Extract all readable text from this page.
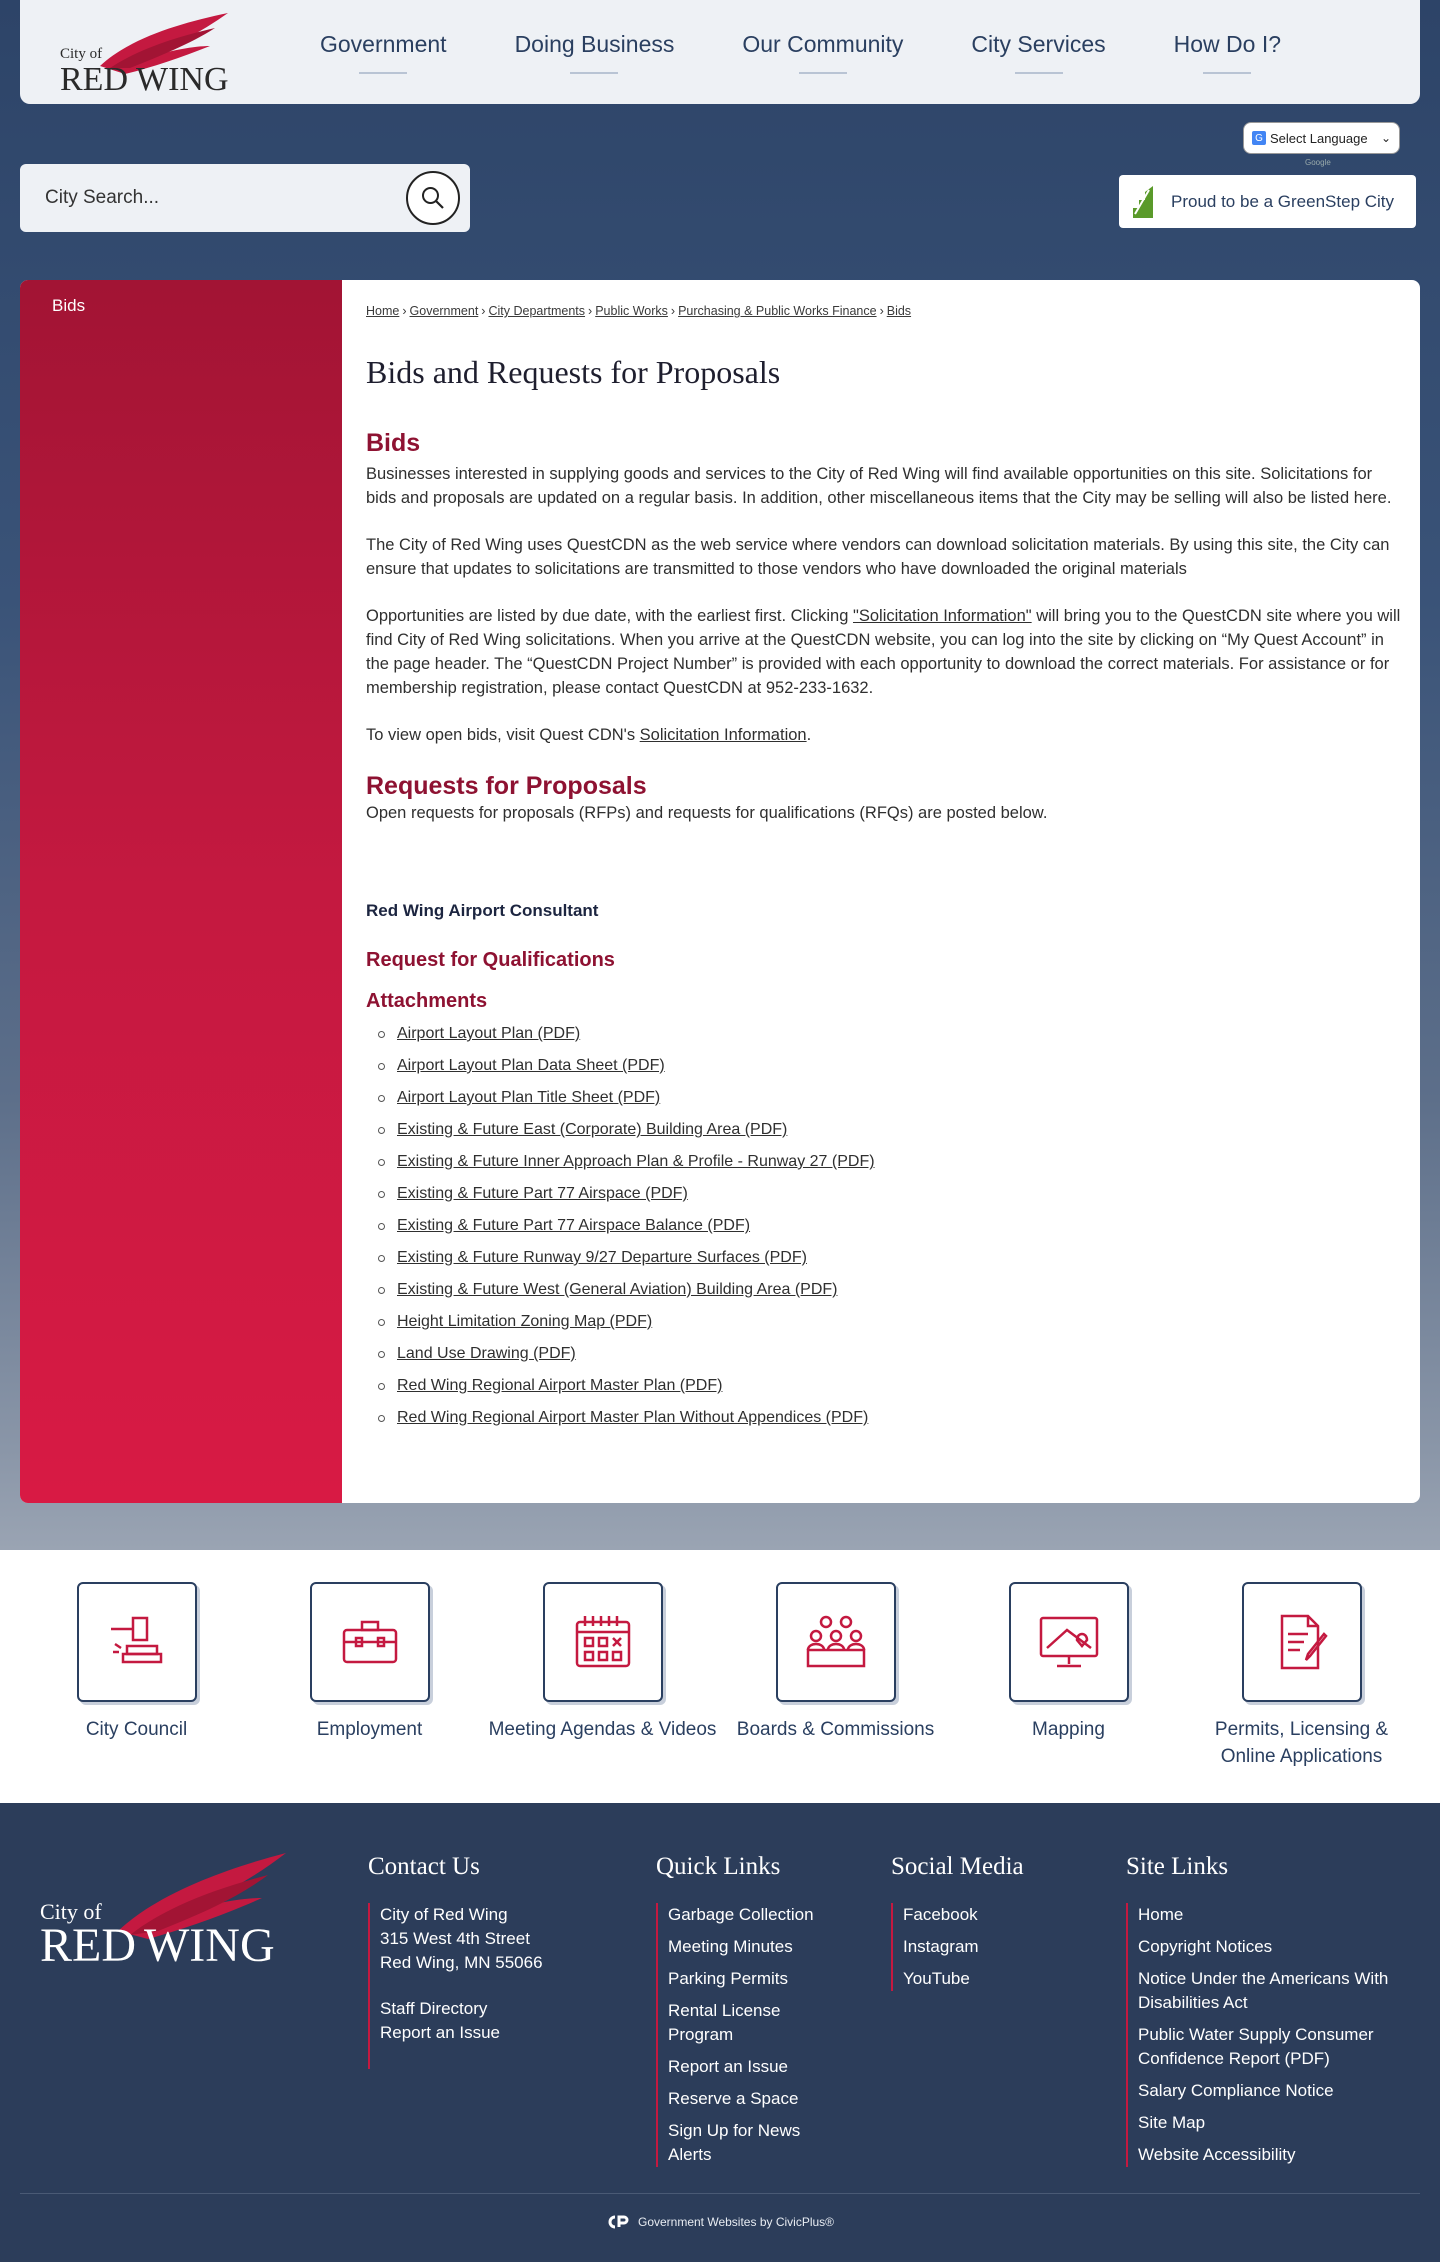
City of
RED WING
Government	Doing Business	Our Community	City Services	How Do I?
G Select Language ⌄
Google
Proud to be a GreenStep City
City Search...
Bids	Home › Government › City Departments › Public Works › Purchasing & Public Works Finance › Bids
Bids and Requests for Proposals
Bids

Businesses interested in supplying goods and services to the City of Red Wing will find available opportunities on this site. Solicitations for bids and proposals are updated on a regular basis. In addition, other miscellaneous items that the City may be selling will also be listed here.

The City of Red Wing uses QuestCDN as the web service where vendors can download solicitation materials. By using this site, the City can ensure that updates to solicitations are transmitted to those vendors who have downloaded the original materials

Opportunities are listed by due date, with the earliest first. Clicking "Solicitation Information" will bring you to the QuestCDN site where you will find City of Red Wing solicitations. When you arrive at the QuestCDN website, you can log into the site by clicking on “My Quest Account” in the page header. The “QuestCDN Project Number” is provided with each opportunity to download the correct materials. For assistance or for membership registration, please contact QuestCDN at 952-233-1632.

To view open bids, visit Quest CDN's Solicitation Information.

Requests for Proposals

Open requests for proposals (RFPs) and requests for qualifications (RFQs) are posted below.

Red Wing Airport Consultant
Request for Qualifications
Attachments
Airport Layout Plan (PDF)
Airport Layout Plan Data Sheet (PDF)
Airport Layout Plan Title Sheet (PDF)
Existing & Future East (Corporate) Building Area (PDF)
Existing & Future Inner Approach Plan & Profile - Runway 27 (PDF)
Existing & Future Part 77 Airspace (PDF)
Existing & Future Part 77 Airspace Balance (PDF)
Existing & Future Runway 9/27 Departure Surfaces (PDF)
Existing & Future West (General Aviation) Building Area (PDF)
Height Limitation Zoning Map (PDF)
Land Use Drawing (PDF)
Red Wing Regional Airport Master Plan (PDF)
Red Wing Regional Airport Master Plan Without Appendices (PDF)
City Council	Employment	Meeting Agendas & Videos	Boards & Commissions	Mapping	Permits, Licensing & Online Applications
City of
RED WING
Contact Us
City of Red Wing
315 West 4th Street
Red Wing, MN 55066
Staff Directory
Report an Issue
Quick Links
Garbage Collection
Meeting Minutes
Parking Permits
Rental License Program
Report an Issue
Reserve a Space
Sign Up for News Alerts
Social Media
Facebook
Instagram
YouTube
Site Links
Home
Copyright Notices
Notice Under the Americans With Disabilities Act
Public Water Supply Consumer Confidence Report (PDF)
Salary Compliance Notice
Site Map
Website Accessibility
Government Websites by CivicPlus®
